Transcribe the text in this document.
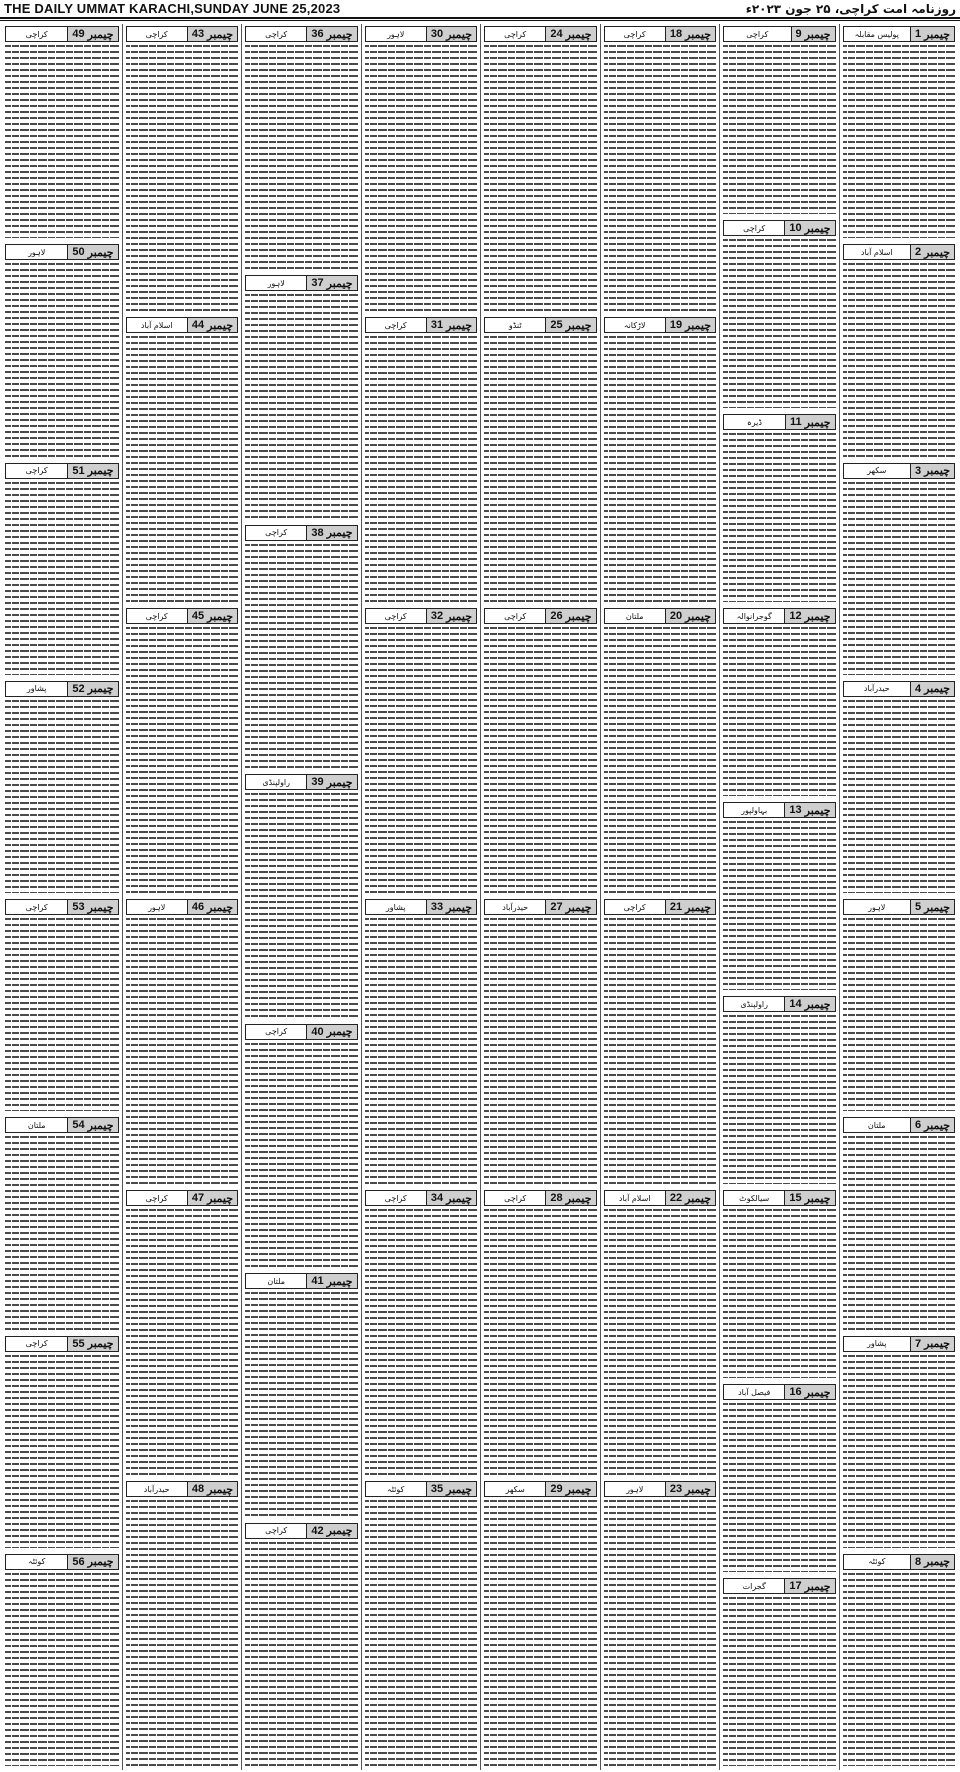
THE DAILY UMMAT KARACHI,SUNDAY JUNE 25,2023	روزنامہ امت کراچی، ۲۵ جون ۲۰۲۳ء
چیمبر
1
پولیس مقابلہ
چیمبر
2
اسلام آباد
چیمبر
3
سکھر
چیمبر
4
حیدرآباد
چیمبر
5
لاہور
چیمبر
6
ملتان
چیمبر
7
پشاور
چیمبر
8
کوئٹہ
چیمبر
9
کراچی
چیمبر
10
کراچی
چیمبر
11
ڈیرہ
چیمبر
12
گوجرانوالہ
چیمبر
13
بہاولپور
چیمبر
14
راولپنڈی
چیمبر
15
سیالکوٹ
چیمبر
16
فیصل آباد
چیمبر
17
گجرات
چیمبر
18
کراچی
چیمبر
19
لاڑکانہ
چیمبر
20
ملتان
چیمبر
21
کراچی
چیمبر
22
اسلام آباد
چیمبر
23
لاہور
چیمبر
24
کراچی
چیمبر
25
ٹنڈو
چیمبر
26
کراچی
چیمبر
27
حیدرآباد
چیمبر
28
کراچی
چیمبر
29
سکھر
چیمبر
30
لاہور
چیمبر
31
کراچی
چیمبر
32
کراچی
چیمبر
33
پشاور
چیمبر
34
کراچی
چیمبر
35
کوئٹہ
چیمبر
36
کراچی
چیمبر
37
لاہور
چیمبر
38
کراچی
چیمبر
39
راولپنڈی
چیمبر
40
کراچی
چیمبر
41
ملتان
چیمبر
42
کراچی
چیمبر
43
کراچی
چیمبر
44
اسلام آباد
چیمبر
45
کراچی
چیمبر
46
لاہور
چیمبر
47
کراچی
چیمبر
48
حیدرآباد
چیمبر
49
کراچی
چیمبر
50
لاہور
چیمبر
51
کراچی
چیمبر
52
پشاور
چیمبر
53
کراچی
چیمبر
54
ملتان
چیمبر
55
کراچی
چیمبر
56
کوئٹہ
